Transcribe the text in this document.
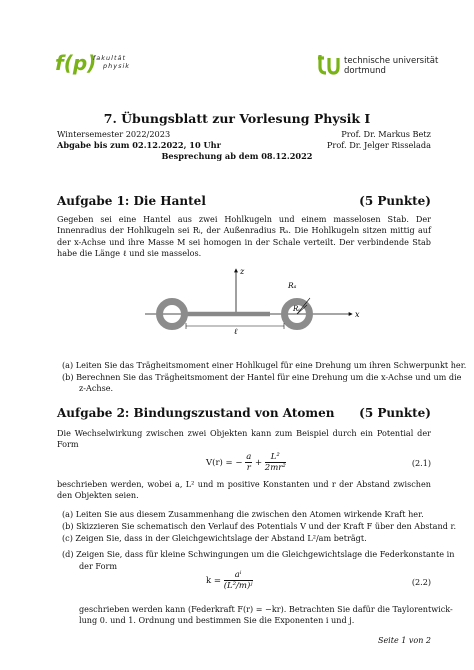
f(p)
fakultät
physik	technische universität
dortmund
7. Übungsblatt zur Vorlesung Physik I
Wintersemester 2022/2023
Abgabe bis zum 02.12.2022, 10 Uhr
Besprechung ab dem 08.12.2022
Prof. Dr. Markus Betz
Prof. Dr. Jelger Risselada
Aufgabe 1: Die Hantel	(5 Punkte)
Gegeben sei eine Hantel aus zwei Hohlkugeln und einem masselosen Stab. Der Innenradius der Hohlkugeln sei Rᵢ, der Außenradius Rₐ. Die Hohlkugeln sitzen mittig auf der x-Achse und ihre Masse M sei homogen in der Schale verteilt. Der verbindende Stab habe die Länge ℓ und sie masselos.
z
x
Rₐ
Rᵢ
ℓ
(a) Leiten Sie das Trägheitsmoment einer Hohlkugel für eine Drehung um ihren Schwerpunkt her.
(b) Berechnen Sie das Trägheitsmoment der Hantel für eine Drehung um die x-Achse und um die
z-Achse.
Aufgabe 2: Bindungszustand von Atomen (5 Punkte)
Die Wechselwirkung zwischen zwei Objekten kann zum Beispiel durch ein Potential der Form
V(r) = − $\frac{a}{r} + \frac{\text{L²}}{\text{2mr²}}$	(2.1)
beschrieben werden, wobei a, L² und m positive Konstanten und r der Abstand zwischen den Objekten seien.
(a) Leiten Sie aus diesem Zusammenhang die zwischen den Atomen wirkende Kraft her.
(b) Skizzieren Sie schematisch den Verlauf des Potentials V und der Kraft F über den Abstand r.
(c) Zeigen Sie, dass in der Gleichgewichtslage der Abstand L²/am beträgt.
(d) Zeigen Sie, dass für kleine Schwingungen um die Gleichgewichtslage die Federkonstante in
der Form
$k = \frac{\text{aⁱ}}{\text{(L²/m)ʲ}}$	(2.2)
geschrieben werden kann (Federkraft F(r) = −kr). Betrachten Sie dafür die Taylorentwick-
lung 0. und 1. Ordnung und bestimmen Sie die Exponenten i und j.
Seite 1 von 2
